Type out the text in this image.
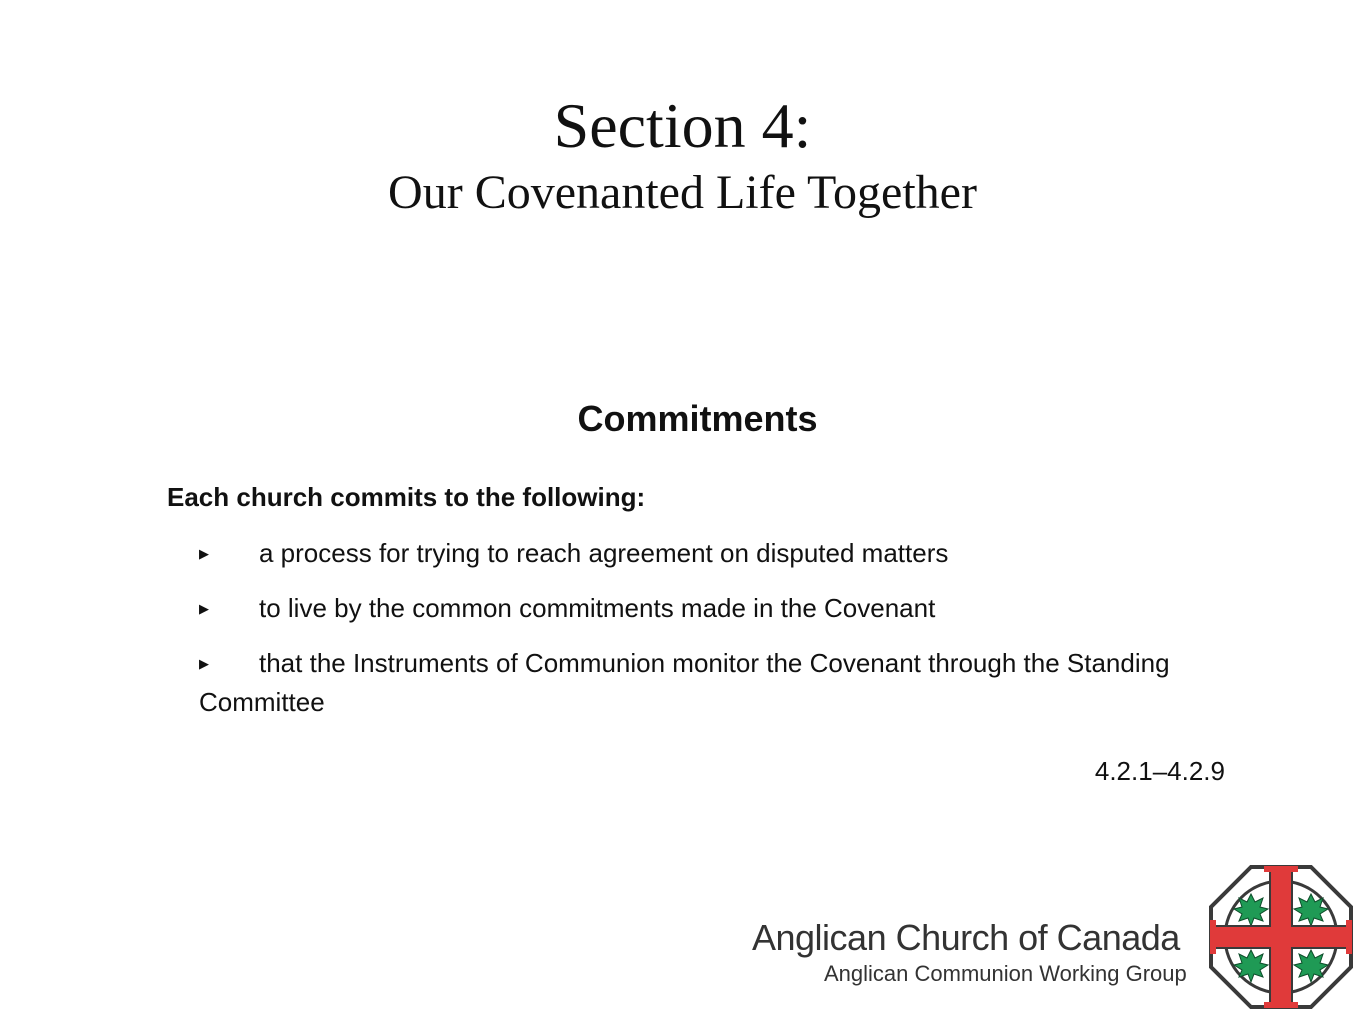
Section 4:
Our Covenanted Life Together
Commitments
Each church commits to the following:
▶ a process for trying to reach agreement on disputed matters
▶ to live by the common commitments made in the Covenant
▶ that the Instruments of Communion monitor the Covenant through the Standing Committee
4.2.1–4.2.9
Anglican Church of Canada
Anglican Communion Working Group
